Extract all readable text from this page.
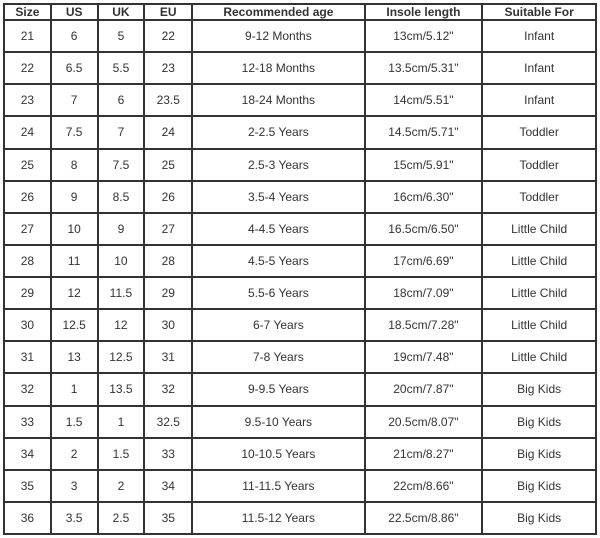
Size	US	UK	EU	Recommended age	Insole length	Suitable For
21	6	5	22	9-12 Months	13cm/5.12"	Infant
22	6.5	5.5	23	12-18 Months	13.5cm/5.31"	Infant
23	7	6	23.5	18-24 Months	14cm/5.51"	Infant
24	7.5	7	24	2-2.5 Years	14.5cm/5.71"	Toddler
25	8	7.5	25	2.5-3 Years	15cm/5.91"	Toddler
26	9	8.5	26	3.5-4 Years	16cm/6.30"	Toddler
27	10	9	27	4-4.5 Years	16.5cm/6.50"	Little Child
28	11	10	28	4.5-5 Years	17cm/6.69"	Little Child
29	12	11.5	29	5.5-6 Years	18cm/7.09"	Little Child
30	12.5	12	30	6-7 Years	18.5cm/7.28"	Little Child
31	13	12.5	31	7-8 Years	19cm/7.48"	Little Child
32	1	13.5	32	9-9.5 Years	20cm/7.87"	Big Kids
33	1.5	1	32.5	9.5-10 Years	20.5cm/8.07"	Big Kids
34	2	1.5	33	10-10.5 Years	21cm/8.27"	Big Kids
35	3	2	34	11-11.5 Years	22cm/8.66"	Big Kids
36	3.5	2.5	35	11.5-12 Years	22.5cm/8.86"	Big Kids
